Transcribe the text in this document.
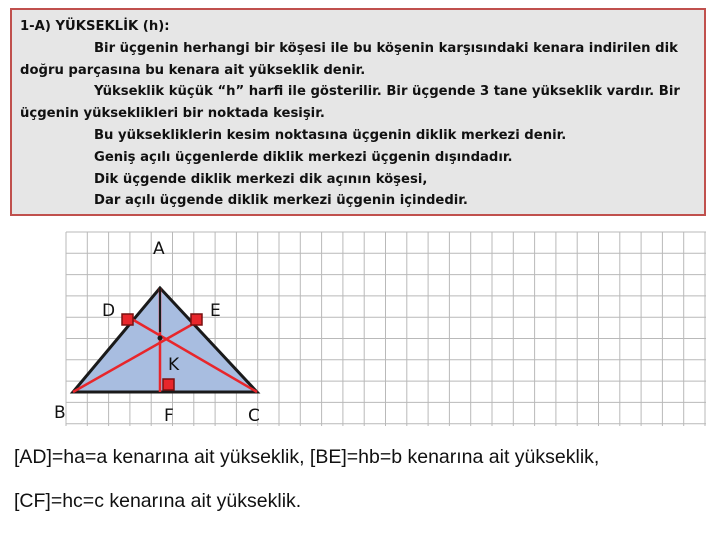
1-A) YÜKSEKLİK (h):

Bir üçgenin herhangi bir köşesi ile bu köşenin karşısındaki kenara indirilen dik
doğru parçasına bu kenara ait yükseklik denir.

Yükseklik küçük “h” harfi ile gösterilir. Bir üçgende 3 tane yükseklik vardır. Bir
üçgenin yükseklikleri bir noktada kesişir.

Bu yüksekliklerin kesim noktasına üçgenin diklik merkezi denir.

Geniş açılı üçgenlerde diklik merkezi üçgenin dışındadır.

Dik üçgende diklik merkezi dik açının köşesi,

Dar açılı üçgende diklik merkezi üçgenin içindedir.

A
D	E
K
B	F	C
[AD]=ha=a kenarına ait yükseklik, [BE]=hb=b kenarına ait yükseklik,
[CF]=hc=c kenarına ait yükseklik.
